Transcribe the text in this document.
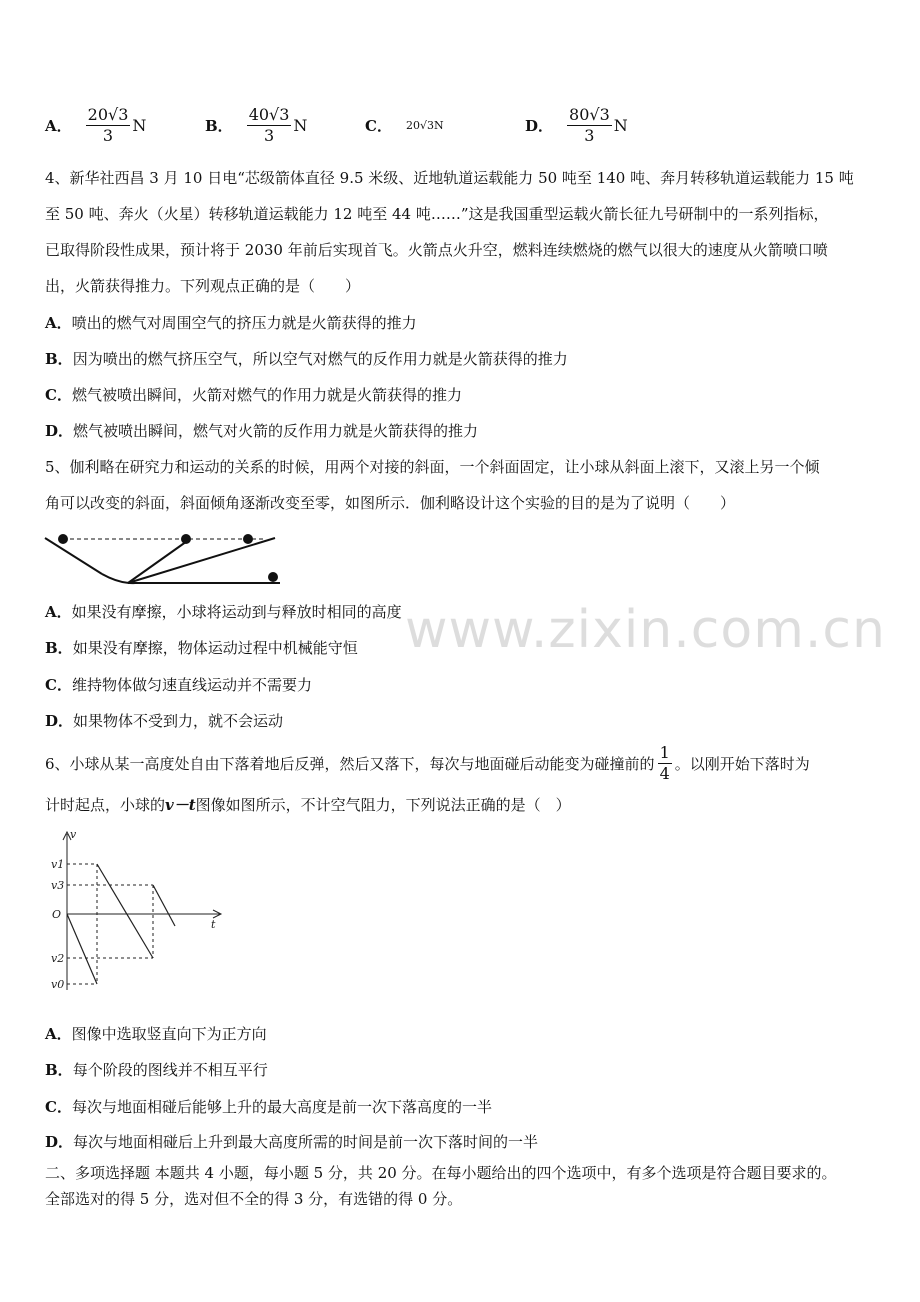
A． $\frac{20√3}{3}$ N	B． $\frac{40√3}{3}$ N	C． 20√3N	D． $\frac{80√3}{3}$ N
4、新华社西昌 3 月 10 日电“芯级箭体直径 9.5 米级、近地轨道运载能力 50 吨至 140 吨、奔月转移轨道运载能力 15 吨
至 50 吨、奔火（火星）转移轨道运载能力 12 吨至 44 吨……”这是我国重型运载火箭长征九号研制中的一系列指标，
已取得阶段性成果，预计将于 2030 年前后实现首飞。火箭点火升空，燃料连续燃烧的燃气以很大的速度从火箭喷口喷
出，火箭获得推力。下列观点正确的是（　　）
A．喷出的燃气对周围空气的挤压力就是火箭获得的推力
B．因为喷出的燃气挤压空气，所以空气对燃气的反作用力就是火箭获得的推力
C．燃气被喷出瞬间，火箭对燃气的作用力就是火箭获得的推力
D．燃气被喷出瞬间，燃气对火箭的反作用力就是火箭获得的推力
5、伽利略在研究力和运动的关系的时候，用两个对接的斜面，一个斜面固定，让小球从斜面上滚下，又滚上另一个倾
角可以改变的斜面，斜面倾角逐渐改变至零，如图所示．伽利略设计这个实验的目的是为了说明（　　）
A．如果没有摩擦，小球将运动到与释放时相同的高度
B．如果没有摩擦，物体运动过程中机械能守恒
C．维持物体做匀速直线运动并不需要力
D．如果物体不受到力，就不会运动
6、小球从某一高度处自由下落着地后反弹，然后又落下，每次与地面碰后动能变为碰撞前的 $\frac{1}{4}$ 。以刚开始下落时为
计时起点，小球的v－t图像如图所示，不计空气阻力，下列说法正确的是（　）
v
t
v1
v3
O
v2
v0
A．图像中选取竖直向下为正方向
B．每个阶段的图线并不相互平行
C．每次与地面相碰后能够上升的最大高度是前一次下落高度的一半
D．每次与地面相碰后上升到最大高度所需的时间是前一次下落时间的一半
二、多项选择题 本题共 4 小题，每小题 5 分，共 20 分。在每小题给出的四个选项中，有多个选项是符合题目要求的。
全部选对的得 5 分，选对但不全的得 3 分，有选错的得 0 分。
www.zixin.com.cn
